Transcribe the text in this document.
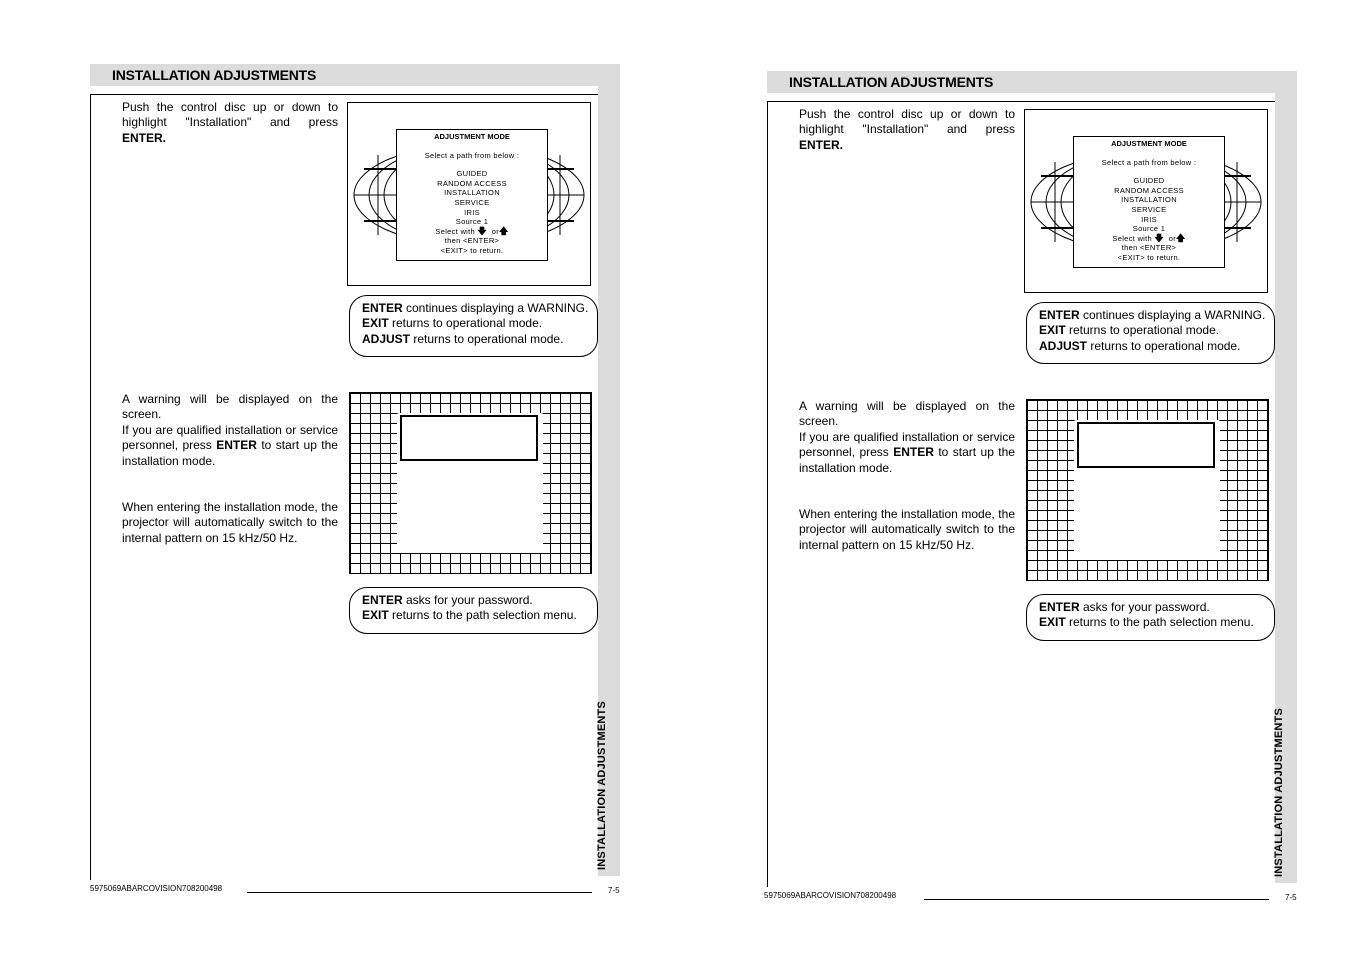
INSTALLATION ADJUSTMENTS
INSTALLATION ADJUSTMENTS

Push the control disc up or down to highlight "Installation" and press ENTER.	ADJUSTMENT MODE
Select a path from below :
GUIDED
RANDOM ACCESS
INSTALLATION
SERVICE
IRIS
Source 1
Select with 🡇 or🡅
then <ENTER>
<EXIT> to return.

ENTER continues displaying a WARNING.

EXIT returns to operational mode.

ADJUST returns to operational mode.

A warning will be displayed on the screen.

If you are qualified installation or service personnel, press ENTER to start up the installation mode.

When entering the installation mode, the projector will automatically switch to the internal pattern on 15 kHz/50 Hz.

ENTER asks for your password.

EXIT returns to the path selection menu.

5975069ABARCOVISION708200498	7-5
INSTALLATION ADJUSTMENTS
INSTALLATION ADJUSTMENTS

Push the control disc up or down to highlight "Installation" and press ENTER.	ADJUSTMENT MODE
Select a path from below :
GUIDED
RANDOM ACCESS
INSTALLATION
SERVICE
IRIS
Source 1
Select with 🡇 or🡅
then <ENTER>
<EXIT> to return.

ENTER continues displaying a WARNING.

EXIT returns to operational mode.

ADJUST returns to operational mode.

A warning will be displayed on the screen.

If you are qualified installation or service personnel, press ENTER to start up the installation mode.

When entering the installation mode, the projector will automatically switch to the internal pattern on 15 kHz/50 Hz.

ENTER asks for your password.

EXIT returns to the path selection menu.

5975069ABARCOVISION708200498	7-5
